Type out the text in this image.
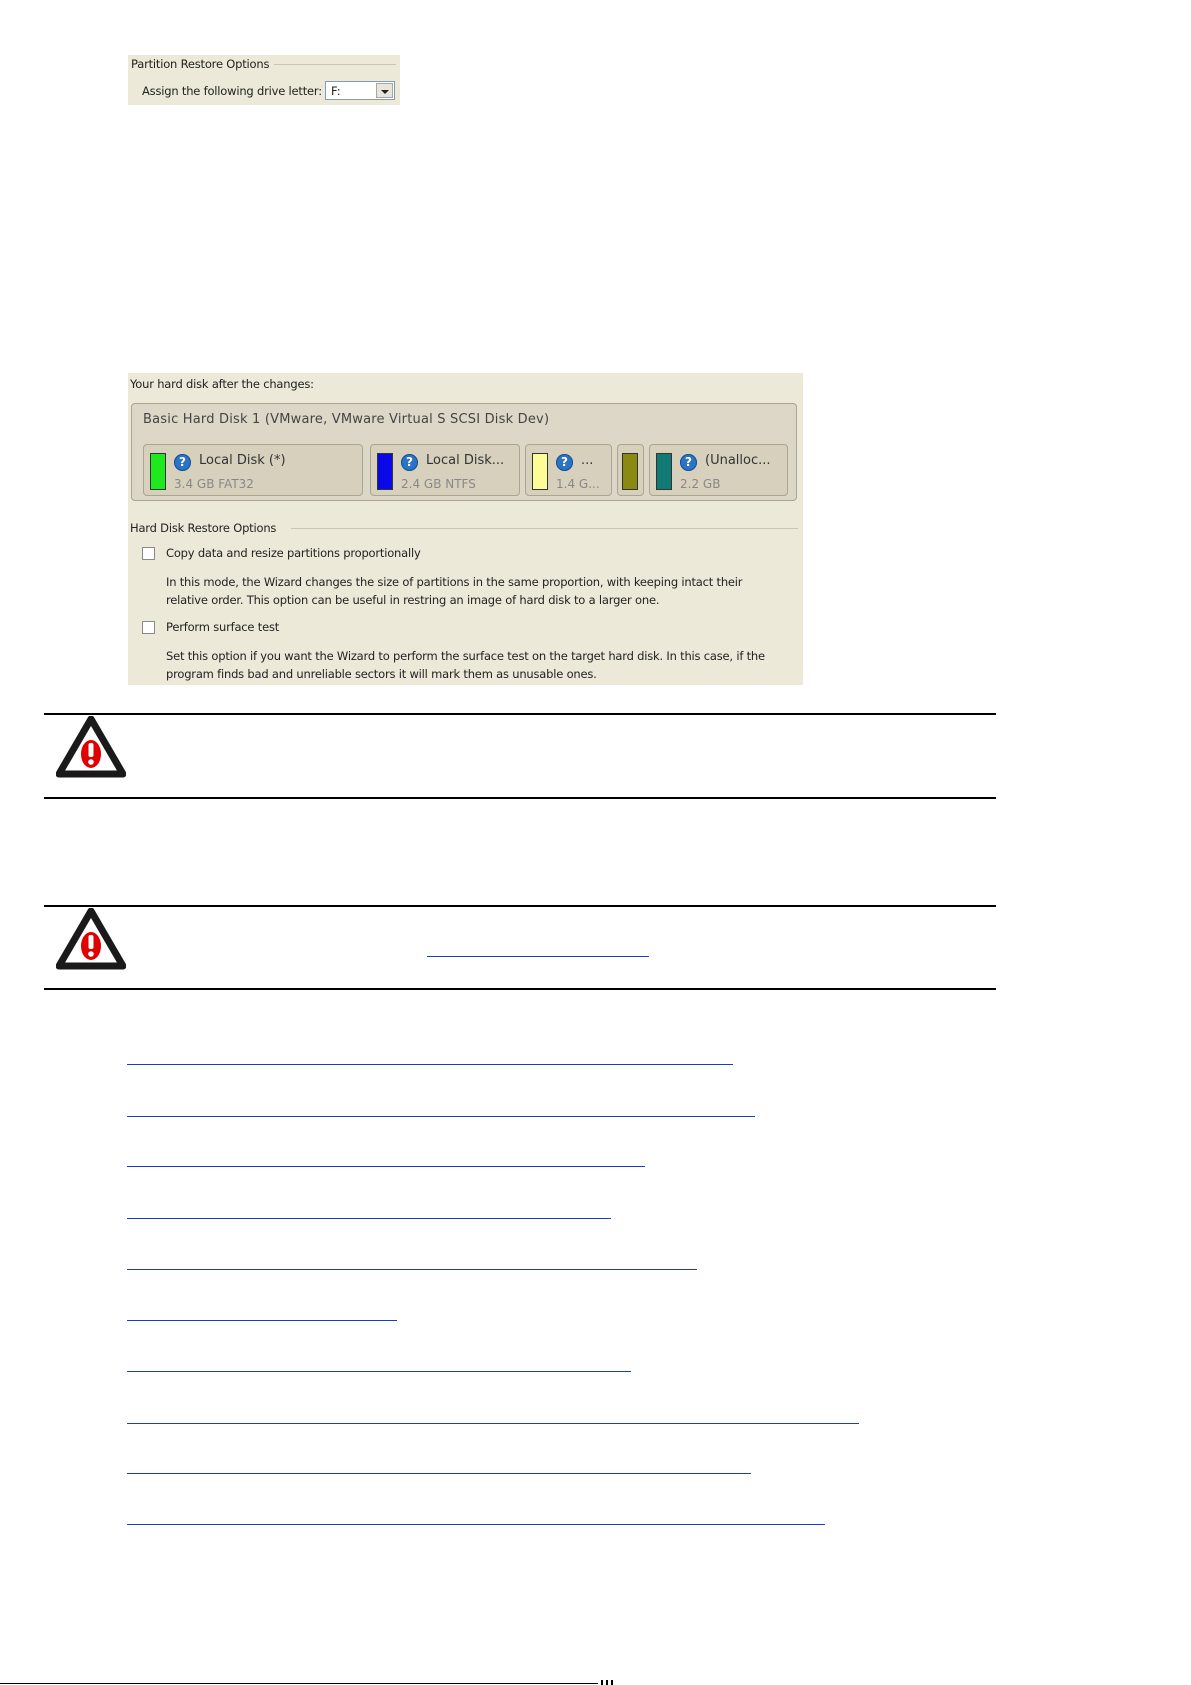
Partition Restore Options
Assign the following drive letter: F:
Your hard disk after the changes:
Basic Hard Disk 1 (VMware, VMware Virtual S SCSI Disk Dev)
?	Local Disk (*)
3.4 GB FAT32
?	Local Disk...
2.4 GB NTFS
?	...
1.4 G...
?	(Unalloc...
2.2 GB
Hard Disk Restore Options
Copy data and resize partitions proportionally
In this mode, the Wizard changes the size of partitions in the same proportion, with keeping intact their relative order. This option can be useful in restring an image of hard disk to a larger one.
Perform surface test
Set this option if you want the Wizard to perform the surface test on the target hard disk. In this case, if the program finds bad and unreliable sectors it will mark them as unusable ones.
